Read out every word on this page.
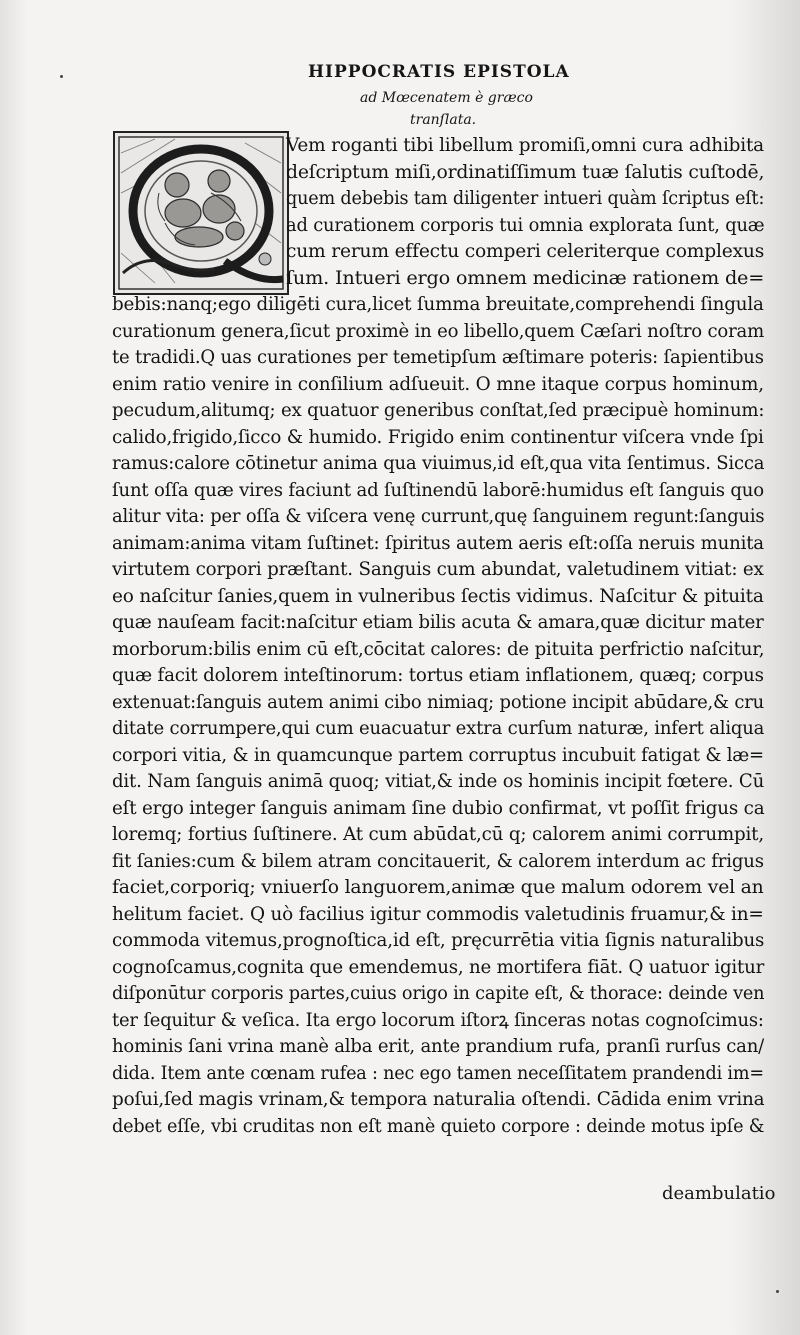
HIPPOCRATIS EPISTOLA
ad Mœcenatem è græco
tranſlata.
Vem roganti tibi libellum promiſi,omni cura adhibita
deſcriptum miſi,ordinatiſſimum tuæ ſalutis cuſtodē,
quem debebis tam diligenter intueri quàm ſcriptus eſt:
ad curationem corporis tui omnia explorata ſunt, quæ
cum rerum effectu comperi celeriterque complexus
ſum. Intueri ergo omnem medicinæ rationem de=
bebis:nanq;ego diligēti cura,licet ſumma breuitate,comprehendi ſingula
curationum genera,ſicut proximè in eo libello,quem Cæſari noſtro coram
te tradidi.Q uas curationes per temetipſum æſtimare poteris: ſapientibus
enim ratio venire in conſilium adſueuit. O mne itaque corpus hominum,
pecudum,alitumq; ex quatuor generibus conſtat,ſed præcipuè hominum:
calido,frigido,ſicco & humido. Frigido enim continentur viſcera vnde ſpi
ramus:calore cōtinetur anima qua viuimus,id eſt,qua vita ſentimus. Sicca
ſunt oſſa quæ vires faciunt ad ſuſtinendū laborē:humidus eſt ſanguis quo
alitur vita: per oſſa & viſcera venę currunt,quę ſanguinem regunt:ſanguis
animam:anima vitam ſuſtinet: ſpiritus autem aeris eſt:oſſa neruis munita
virtutem corpori præſtant. Sanguis cum abundat, valetudinem vitiat: ex
eo naſcitur ſanies,quem in vulneribus ſectis vidimus. Naſcitur & pituita
quæ nauſeam facit:naſcitur etiam bilis acuta & amara,quæ dicitur mater
morborum:bilis enim cū eſt,cōcitat calores: de pituita perfrictio naſcitur,
quæ facit dolorem inteſtinorum: tortus etiam inflationem, quæq; corpus
extenuat:ſanguis autem animi cibo nimiaq; potione incipit abūdare,& cru
ditate corrumpere,qui cum euacuatur extra curſum naturæ, infert aliqua
corpori vitia, & in quamcunque partem corruptus incubuit fatigat & læ=
dit. Nam ſanguis animā quoq; vitiat,& inde os hominis incipit fœtere. Cū
eſt ergo integer ſanguis animam ſine dubio confirmat, vt poſſit frigus ca
loremq; fortius ſuſtinere. At cum abūdat,cū q; calorem animi corrumpit,
fit ſanies:cum & bilem atram concitauerit, & calorem interdum ac frigus
faciet,corporiq; vniuerſo languorem,animæ que malum odorem vel an
helitum faciet. Q uò facilius igitur commodis valetudinis fruamur,& in=
commoda vitemus,prognoſtica,id eſt, pręcurrētia vitia ſignis naturalibus
cognoſcamus,cognita que emendemus, ne mortifera fiāt. Q uatuor igitur
diſponūtur corporis partes,cuius origo in capite eſt, & thorace: deinde ven
ter ſequitur & veſica. Ita ergo locorum iſtorꝝ ſinceras notas cognoſcimus:
hominis ſani vrina manè alba erit, ante prandium rufa, pranſi rurſus can/
dida. Item ante cœnam rufea : nec ego tamen neceſſitatem prandendi im=
poſui,ſed magis vrinam,& tempora naturalia oſtendi. Cādida enim vrina
debet eſſe, vbi cruditas non eſt manè quieto corpore : deinde motus ipſe &
deambulatio
